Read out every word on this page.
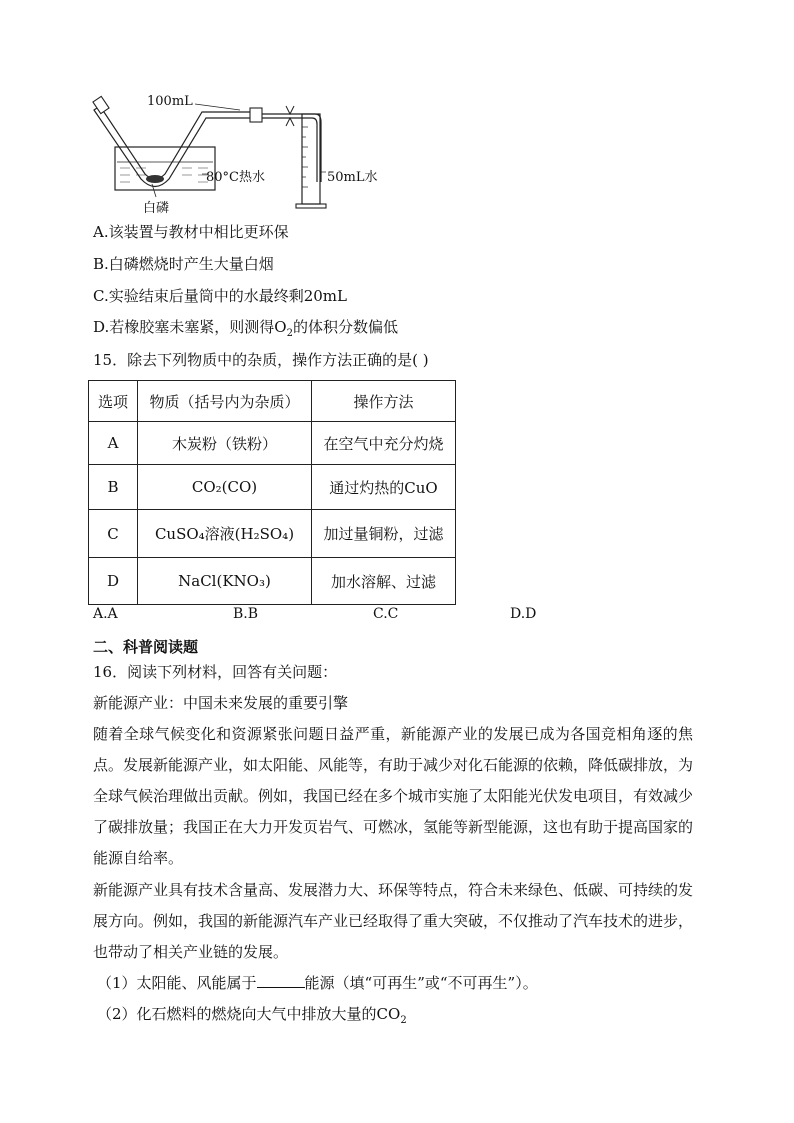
100mL
80°C热水
白磷
50mL水
A.该装置与教材中相比更环保
B.白磷燃烧时产生大量白烟
C.实验结束后量筒中的水最终剩20mL
D.若橡胶塞未塞紧，则测得$O_2$的体积分数偏低
15．除去下列物质中的杂质，操作方法正确的是( )
选项	物质（括号内为杂质）	操作方法
A	木炭粉（铁粉）	在空气中充分灼烧
B	CO₂(CO)	通过灼热的CuO
C	CuSO₄溶液(H₂SO₄)	加过量铜粉，过滤
D	NaCl(KNO₃)	加水溶解、过滤
A.A	B.B	C.C	D.D
二、科普阅读题
16．阅读下列材料，回答有关问题：
新能源产业：中国未来发展的重要引擎
随着全球气候变化和资源紧张问题日益严重，新能源产业的发展已成为各国竞相角逐的焦点。发展新能源产业，如太阳能、风能等，有助于减少对化石能源的依赖，降低碳排放，为全球气候治理做出贡献。例如，我国已经在多个城市实施了太阳能光伏发电项目，有效减少了碳排放量；我国正在大力开发页岩气、可燃冰，氢能等新型能源，这也有助于提高国家的能源自给率。
新能源产业具有技术含量高、发展潜力大、环保等特点，符合未来绿色、低碳、可持续的发展方向。例如，我国的新能源汽车产业已经取得了重大突破，不仅推动了汽车技术的进步，也带动了相关产业链的发展。
（1）太阳能、风能属于	能源（填“可再生”或“不可再生”）。
（2）化石燃料的燃烧向大气中排放大量的$CO_2$
